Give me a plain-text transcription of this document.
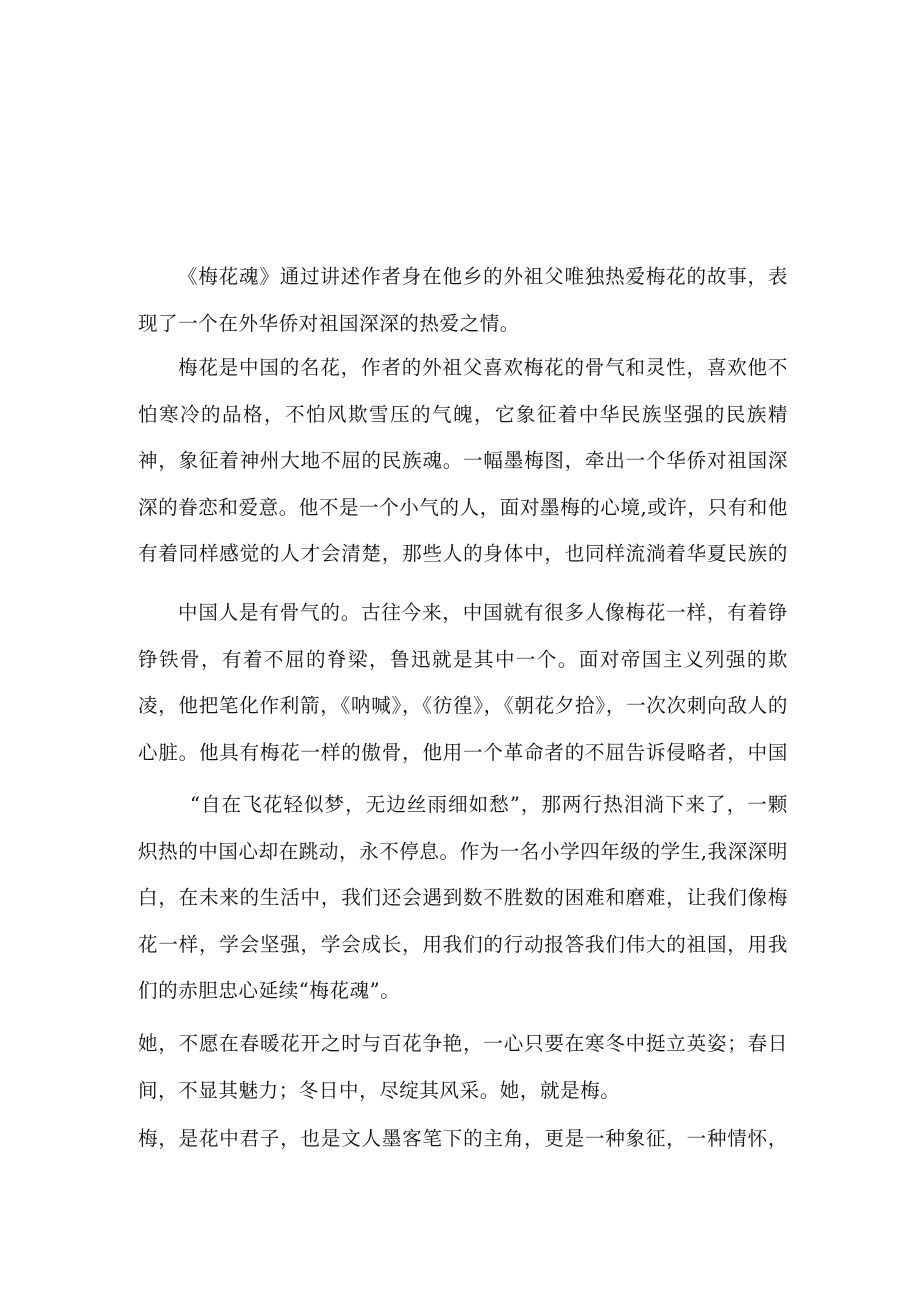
《梅花魂》通过讲述作者身在他乡的外祖父唯独热爱梅花的故事，表现了一个在外华侨对祖国深深的热爱之情。

梅花是中国的名花，作者的外祖父喜欢梅花的骨气和灵性，喜欢他不怕寒冷的品格，不怕风欺雪压的气魄，它象征着中华民族坚强的民族精神，象征着神州大地不屈的民族魂。一幅墨梅图，牵出一个华侨对祖国深深的眷恋和爱意。他不是一个小气的人，面对墨梅的心境,或许，只有和他有着同样感觉的人才会清楚，那些人的身体中，也同样流淌着华夏民族的

中国人是有骨气的。古往今来，中国就有很多人像梅花一样，有着铮铮铁骨，有着不屈的脊梁，鲁迅就是其中一个。面对帝国主义列强的欺凌，他把笔化作利箭，《呐喊》，《彷徨》，《朝花夕拾》，一次次刺向敌人的心脏。他具有梅花一样的傲骨，他用一个革命者的不屈告诉侵略者，中国

“自在飞花轻似梦，无边丝雨细如愁”，那两行热泪淌下来了，一颗炽热的中国心却在跳动，永不停息。作为一名小学四年级的学生,我深深明白，在未来的生活中，我们还会遇到数不胜数的困难和磨难，让我们像梅花一样，学会坚强，学会成长，用我们的行动报答我们伟大的祖国，用我们的赤胆忠心延续“梅花魂”。

她，不愿在春暖花开之时与百花争艳，一心只要在寒冬中挺立英姿；春日间，不显其魅力；冬日中，尽绽其风采。她，就是梅。

梅，是花中君子，也是文人墨客笔下的主角，更是一种象征，一种情怀，
